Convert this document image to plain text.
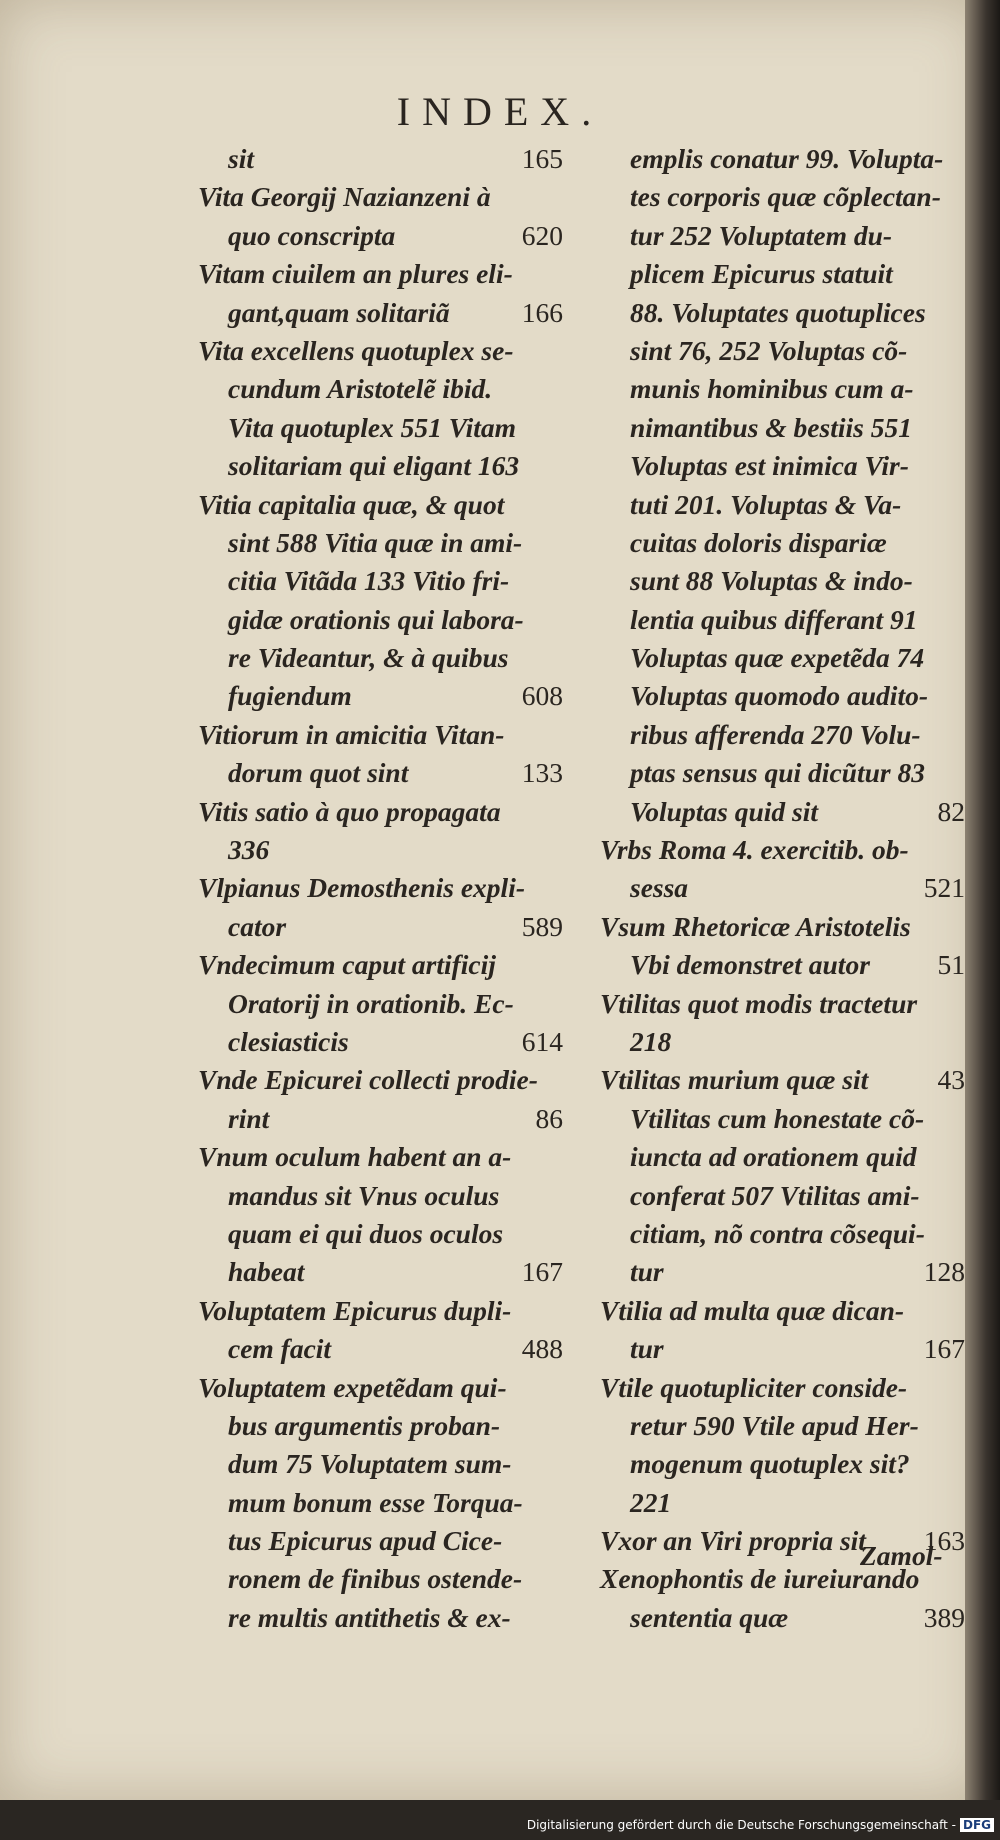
INDEX.
sit	165
Vita Georgij Nazianzeni à
quo conscripta	620
Vitam ciuilem an plures eli-
gant,quam solitariã	166
Vita excellens quotuplex se-
cundum Aristotelẽ ibid.
Vita quotuplex 551 Vitam
solitariam qui eligant 163
Vitia capitalia quæ, & quot
sint 588 Vitia quæ in ami-
citia Vitãda 133 Vitio fri-
gidæ orationis qui labora-
re Videantur, & à quibus
fugiendum	608
Vitiorum in amicitia Vitan-
dorum quot sint	133
Vitis satio à quo propagata
336
Vlpianus Demosthenis expli-
cator	589
Vndecimum caput artificij
Oratorij in orationib. Ec-
clesiasticis	614
Vnde Epicurei collecti prodie-
rint	86
Vnum oculum habent an a-
mandus sit Vnus oculus
quam ei qui duos oculos
habeat	167
Voluptatem Epicurus dupli-
cem facit	488
Voluptatem expetẽdam qui-
bus argumentis proban-
dum 75 Voluptatem sum-
mum bonum esse Torqua-
tus Epicurus apud Cice-
ronem de finibus ostende-
re multis antithetis & ex-
emplis conatur 99. Volupta-
tes corporis quæ cõplectan-
tur 252 Voluptatem du-
plicem Epicurus statuit
88. Voluptates quotuplices
sint 76, 252 Voluptas cõ-
munis hominibus cum a-
nimantibus & bestiis 551
Voluptas est inimica Vir-
tuti 201. Voluptas & Va-
cuitas doloris dispariæ
sunt 88 Voluptas & indo-
lentia quibus differant 91
Voluptas quæ expetẽda 74
Voluptas quomodo audito-
ribus afferenda 270 Volu-
ptas sensus qui dicũtur 83
Voluptas quid sit	82
Vrbs Roma 4. exercitib. ob-
sessa	521
Vsum Rhetoricæ Aristotelis
Vbi demonstret autor 51
Vtilitas quot modis tractetur
218
Vtilitas murium quæ sit	43
Vtilitas cum honestate cõ-
iuncta ad orationem quid
conferat 507 Vtilitas ami-
citiam, nõ contra cõsequi-
tur	128
Vtilia ad multa quæ dican-
tur	167
Vtile quotupliciter conside-
retur 590 Vtile apud Her-
mogenum quotuplex sit?
221
Vxor an Viri propria sit 163
Xenophontis de iureiurando
sententia quæ	389
Zamol-
Digitalisierung gefördert durch die Deutsche Forschungsgemeinschaft - DFG
